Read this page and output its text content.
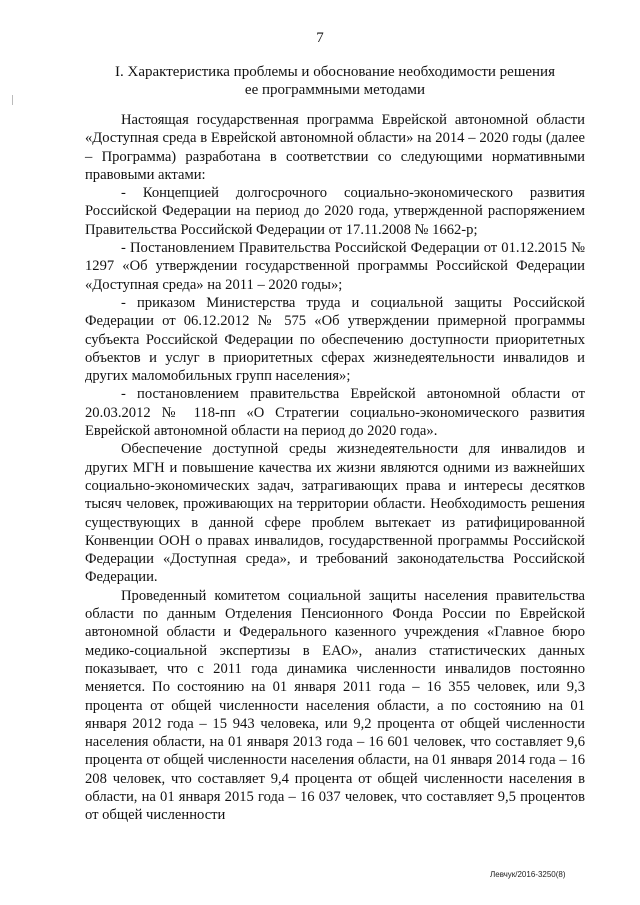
7
I. Характеристика проблемы и обоснование необходимости решения
ее программными методами

Настоящая государственная программа Еврейской автономной области «Доступная среда в Еврейской автономной области» на 2014 – 2020 годы (далее – Программа) разработана в соответствии со следующими нормативными правовыми актами:

- Концепцией долгосрочного социально-экономического развития Российской Федерации на период до 2020 года, утвержденной распоряжением Правительства Российской Федерации от 17.11.2008 № 1662-р;

- Постановлением Правительства Российской Федерации от 01.12.2015 № 1297 «Об утверждении государственной программы Российской Федерации «Доступная среда» на 2011 – 2020 годы»;

- приказом Министерства труда и социальной защиты Российской Федерации от 06.12.2012 № 575 «Об утверждении примерной программы субъекта Российской Федерации по обеспечению доступности приоритетных объектов и услуг в приоритетных сферах жизнедеятельности инвалидов и других маломобильных групп населения»;

- постановлением правительства Еврейской автономной области от 20.03.2012 № 118-пп «О Стратегии социально-экономического развития Еврейской автономной области на период до 2020 года».

Обеспечение доступной среды жизнедеятельности для инвалидов и других МГН и повышение качества их жизни являются одними из важнейших социально-экономических задач, затрагивающих права и интересы десятков тысяч человек, проживающих на территории области. Необходимость решения существующих в данной сфере проблем вытекает из ратифицированной Конвенции ООН о правах инвалидов, государственной программы Российской Федерации «Доступная среда», и требований законодательства Российской Федерации.

Проведенный комитетом социальной защиты населения правительства области по данным Отделения Пенсионного Фонда России по Еврейской автономной области и Федерального казенного учреждения «Главное бюро медико-социальной экспертизы в ЕАО», анализ статистических данных показывает, что с 2011 года динамика численности инвалидов постоянно меняется. По состоянию на 01 января 2011 года – 16 355 человек, или 9,3 процента от общей численности населения области, а по состоянию на 01 января 2012 года – 15 943 человека, или 9,2 процента от общей численности населения области, на 01 января 2013 года – 16 601 человек, что составляет 9,6 процента от общей численности населения области, на 01 января 2014 года – 16 208 человек, что составляет 9,4 процента от общей численности населения в области, на 01 января 2015 года – 16 037 человек, что составляет 9,5 процентов от общей численности

Левчук/2016-3250(8)
